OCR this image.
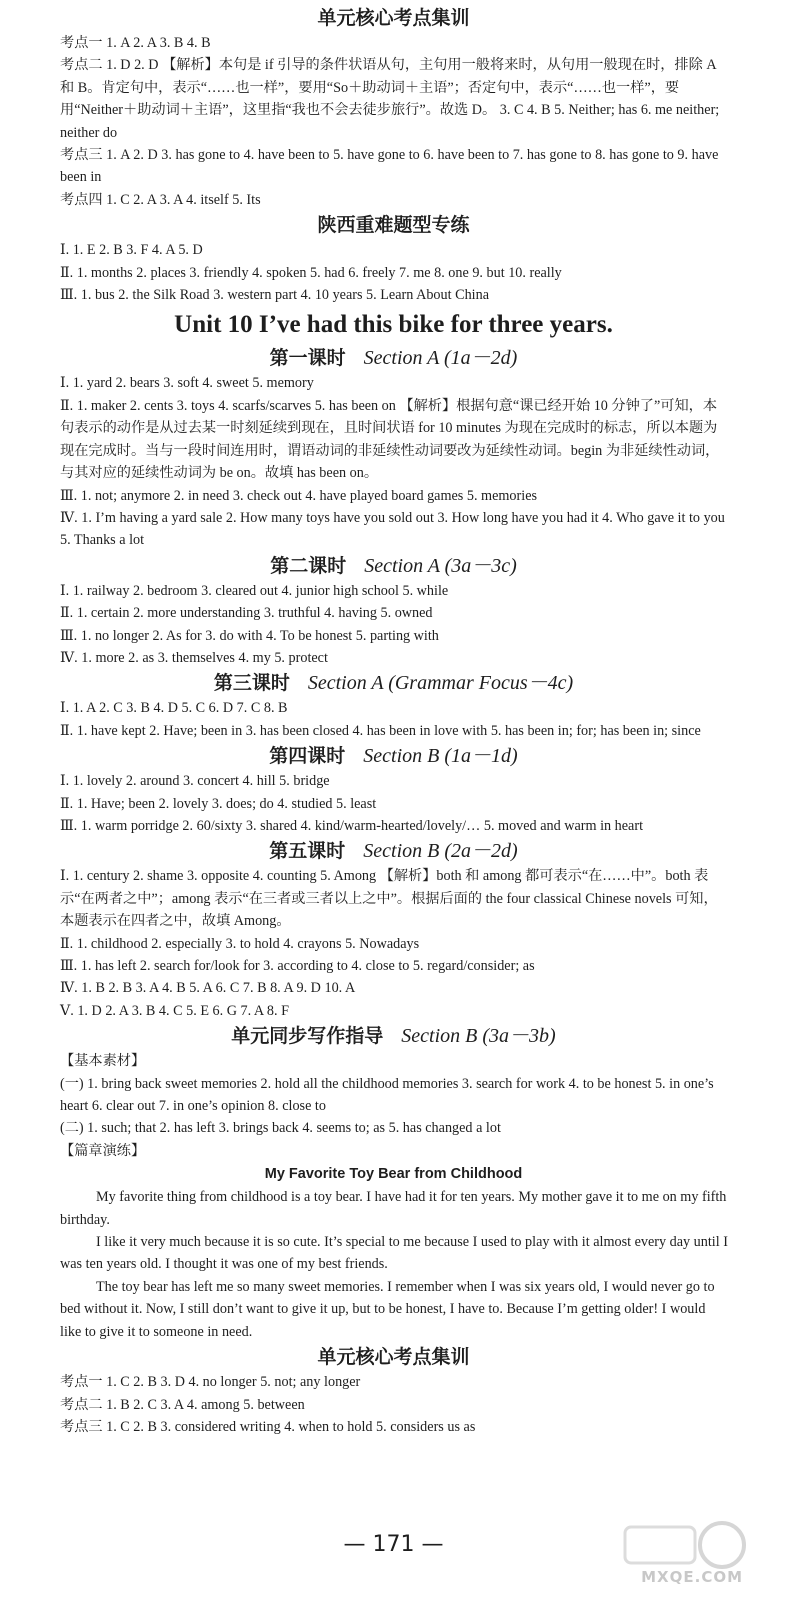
单元核心考点集训
考点一 1. A 2. A 3. B 4. B
考点二 1. D 2. D 【解析】本句是 if 引导的条件状语从句，主句用一般将来时，从句用一般现在时，排除 A 和 B。肯定句中，表示“……也一样”，要用“So＋助动词＋主语”；否定句中，表示“……也一样”，要用“Neither＋助动词＋主语”，这里指“我也不会去徒步旅行”。故选 D。 3. C 4. B 5. Neither; has 6. me neither; neither do
考点三 1. A 2. D 3. has gone to 4. have been to 5. have gone to 6. have been to 7. has gone to 8. has gone to 9. have been in
考点四 1. C 2. A 3. A 4. itself 5. Its
陕西重难题型专练
Ⅰ. 1. E 2. B 3. F 4. A 5. D
Ⅱ. 1. months 2. places 3. friendly 4. spoken 5. had 6. freely 7. me 8. one 9. but 10. really
Ⅲ. 1. bus 2. the Silk Road 3. western part 4. 10 years 5. Learn About China
Unit 10 I’ve had this bike for three years.
第一课时 Section A (1a－2d)
Ⅰ. 1. yard 2. bears 3. soft 4. sweet 5. memory
Ⅱ. 1. maker 2. cents 3. toys 4. scarfs/scarves 5. has been on 【解析】根据句意“课已经开始 10 分钟了”可知，本句表示的动作是从过去某一时刻延续到现在，且时间状语 for 10 minutes 为现在完成时的标志，所以本题为现在完成时。当与一段时间连用时，谓语动词的非延续性动词要改为延续性动词。begin 为非延续性动词，与其对应的延续性动词为 be on。故填 has been on。
Ⅲ. 1. not; anymore 2. in need 3. check out 4. have played board games 5. memories
Ⅳ. 1. I’m having a yard sale 2. How many toys have you sold out 3. How long have you had it 4. Who gave it to you 5. Thanks a lot
第二课时 Section A (3a－3c)
Ⅰ. 1. railway 2. bedroom 3. cleared out 4. junior high school 5. while
Ⅱ. 1. certain 2. more understanding 3. truthful 4. having 5. owned
Ⅲ. 1. no longer 2. As for 3. do with 4. To be honest 5. parting with
Ⅳ. 1. more 2. as 3. themselves 4. my 5. protect
第三课时 Section A (Grammar Focus－4c)
Ⅰ. 1. A 2. C 3. B 4. D 5. C 6. D 7. C 8. B
Ⅱ. 1. have kept 2. Have; been in 3. has been closed 4. has been in love with 5. has been in; for; has been in; since
第四课时 Section B (1a－1d)
Ⅰ. 1. lovely 2. around 3. concert 4. hill 5. bridge
Ⅱ. 1. Have; been 2. lovely 3. does; do 4. studied 5. least
Ⅲ. 1. warm porridge 2. 60/sixty 3. shared 4. kind/warm-hearted/lovely/… 5. moved and warm in heart
第五课时 Section B (2a－2d)
Ⅰ. 1. century 2. shame 3. opposite 4. counting 5. Among 【解析】both 和 among 都可表示“在……中”。both 表示“在两者之中”；among 表示“在三者或三者以上之中”。根据后面的 the four classical Chinese novels 可知，本题表示在四者之中，故填 Among。
Ⅱ. 1. childhood 2. especially 3. to hold 4. crayons 5. Nowadays
Ⅲ. 1. has left 2. search for/look for 3. according to 4. close to 5. regard/consider; as
Ⅳ. 1. B 2. B 3. A 4. B 5. A 6. C 7. B 8. A 9. D 10. A
Ⅴ. 1. D 2. A 3. B 4. C 5. E 6. G 7. A 8. F
单元同步写作指导 Section B (3a－3b)
【基本素材】
(一) 1. bring back sweet memories 2. hold all the childhood memories 3. search for work 4. to be honest 5. in one’s heart 6. clear out 7. in one’s opinion 8. close to
(二) 1. such; that 2. has left 3. brings back 4. seems to; as 5. has changed a lot
【篇章演练】
My Favorite Toy Bear from Childhood

My favorite thing from childhood is a toy bear. I have had it for ten years. My mother gave it to me on my fifth birthday.

I like it very much because it is so cute. It’s special to me because I used to play with it almost every day until I was ten years old. I thought it was one of my best friends.

The toy bear has left me so many sweet memories. I remember when I was six years old, I would never go to bed without it. Now, I still don’t want to give it up, but to be honest, I have to. Because I’m getting older! I would like to give it to someone in need.

单元核心考点集训
考点一 1. C 2. B 3. D 4. no longer 5. not; any longer
考点二 1. B 2. C 3. A 4. among 5. between
考点三 1. C 2. B 3. considered writing 4. when to hold 5. considers us as
— 171 —
MXQE.COM
